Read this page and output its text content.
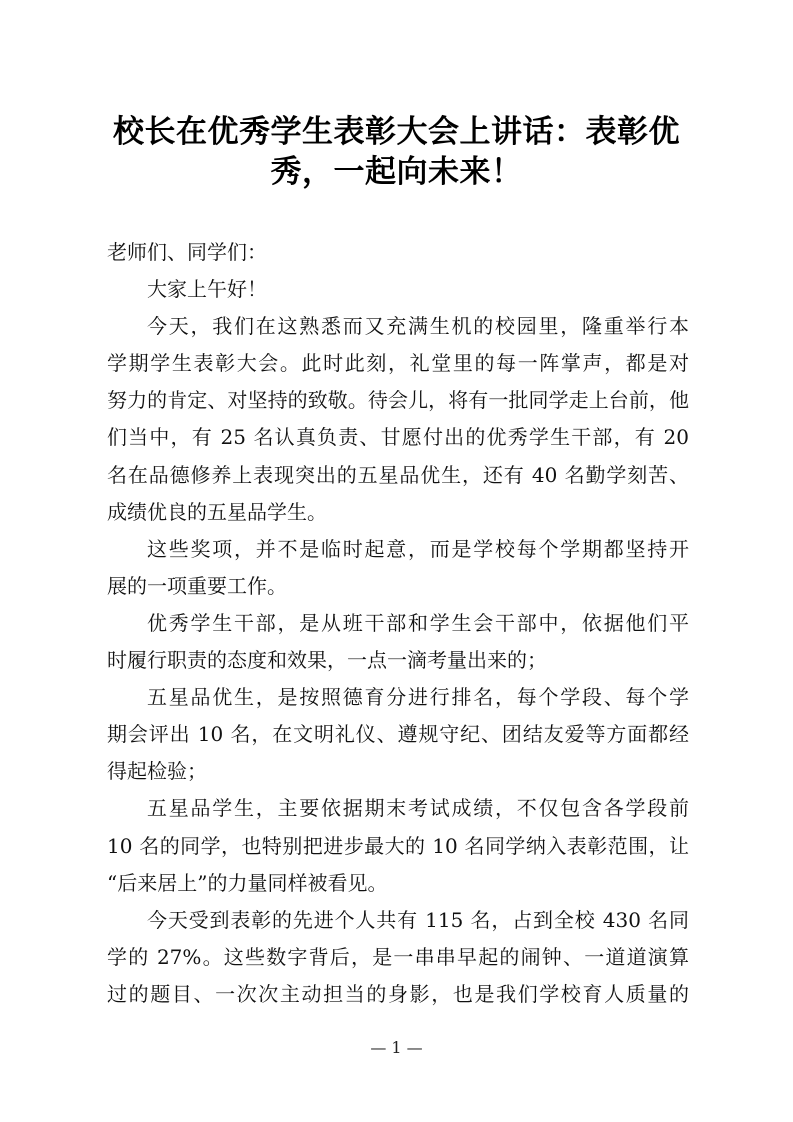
校长在优秀学生表彰大会上讲话：表彰优
秀，一起向未来！
老师们、同学们：
大家上午好！
今天，我们在这熟悉而又充满生机的校园里，隆重举行本
学期学生表彰大会。此时此刻，礼堂里的每一阵掌声，都是对
努力的肯定、对坚持的致敬。待会儿，将有一批同学走上台前，他
们当中，有 25 名认真负责、甘愿付出的优秀学生干部，有 20
名在品德修养上表现突出的五星品优生，还有 40 名勤学刻苦、
成绩优良的五星品学生。
这些奖项，并不是临时起意，而是学校每个学期都坚持开
展的一项重要工作。
优秀学生干部，是从班干部和学生会干部中，依据他们平
时履行职责的态度和效果，一点一滴考量出来的；
五星品优生，是按照德育分进行排名，每个学段、每个学
期会评出 10 名，在文明礼仪、遵规守纪、团结友爱等方面都经
得起检验；
五星品学生，主要依据期末考试成绩，不仅包含各学段前
10 名的同学，也特别把进步最大的 10 名同学纳入表彰范围，让
“后来居上”的力量同样被看见。
今天受到表彰的先进个人共有 115 名，占到全校 430 名同
学的 27%。这些数字背后，是一串串早起的闹钟、一道道演算
过的题目、一次次主动担当的身影，也是我们学校育人质量的
— 1 —
